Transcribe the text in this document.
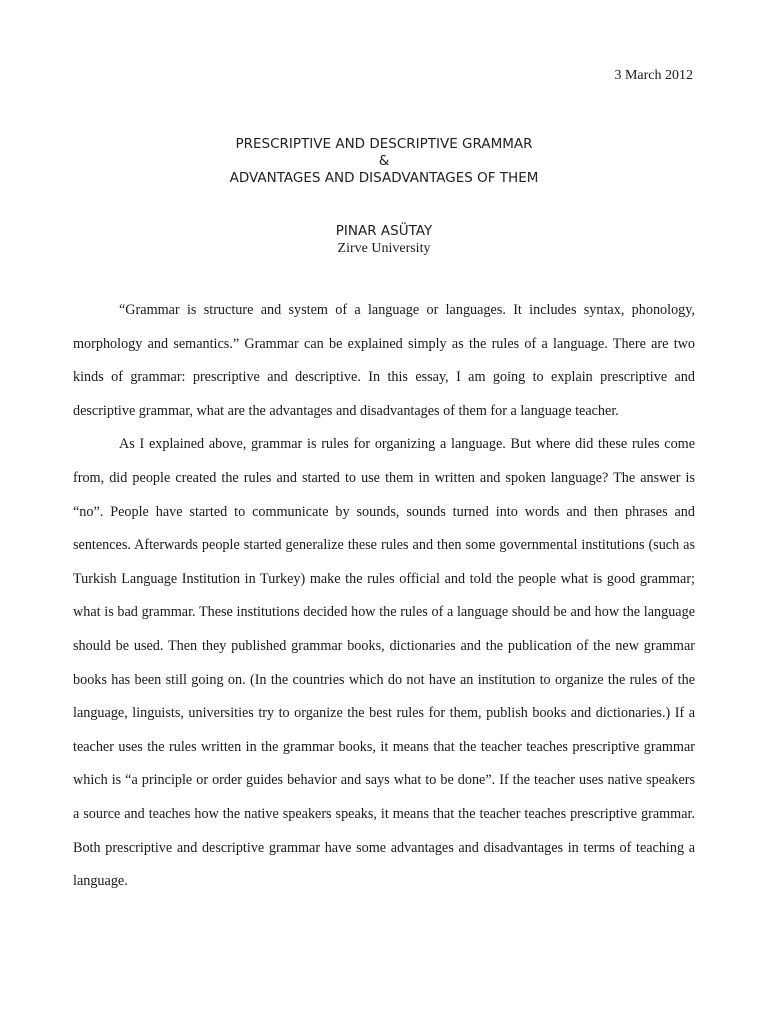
3 March 2012
PRESCRIPTIVE AND DESCRIPTIVE GRAMMAR
&
ADVANTAGES AND DISADVANTAGES OF THEM
PINAR ASÜTAY
Zirve University

“Grammar is structure and system of a language or languages. It includes syntax, phonology, morphology and semantics.” Grammar can be explained simply as the rules of a language. There are two kinds of grammar: prescriptive and descriptive. In this essay, I am going to explain prescriptive and descriptive grammar, what are the advantages and disadvantages of them for a language teacher.

As I explained above, grammar is rules for organizing a language. But where did these rules come from, did people created the rules and started to use them in written and spoken language? The answer is “no”. People have started to communicate by sounds, sounds turned into words and then phrases and sentences. Afterwards people started generalize these rules and then some governmental institutions (such as Turkish Language Institution in Turkey) make the rules official and told the people what is good grammar; what is bad grammar. These institutions decided how the rules of a language should be and how the language should be used. Then they published grammar books, dictionaries and the publication of the new grammar books has been still going on. (In the countries which do not have an institution to organize the rules of the language, linguists, universities try to organize the best rules for them, publish books and dictionaries.) If a teacher uses the rules written in the grammar books, it means that the teacher teaches prescriptive grammar which is “a principle or order guides behavior and says what to be done”. If the teacher uses native speakers a source and teaches how the native speakers speaks, it means that the teacher teaches prescriptive grammar. Both prescriptive and descriptive grammar have some advantages and disadvantages in terms of teaching a language.
